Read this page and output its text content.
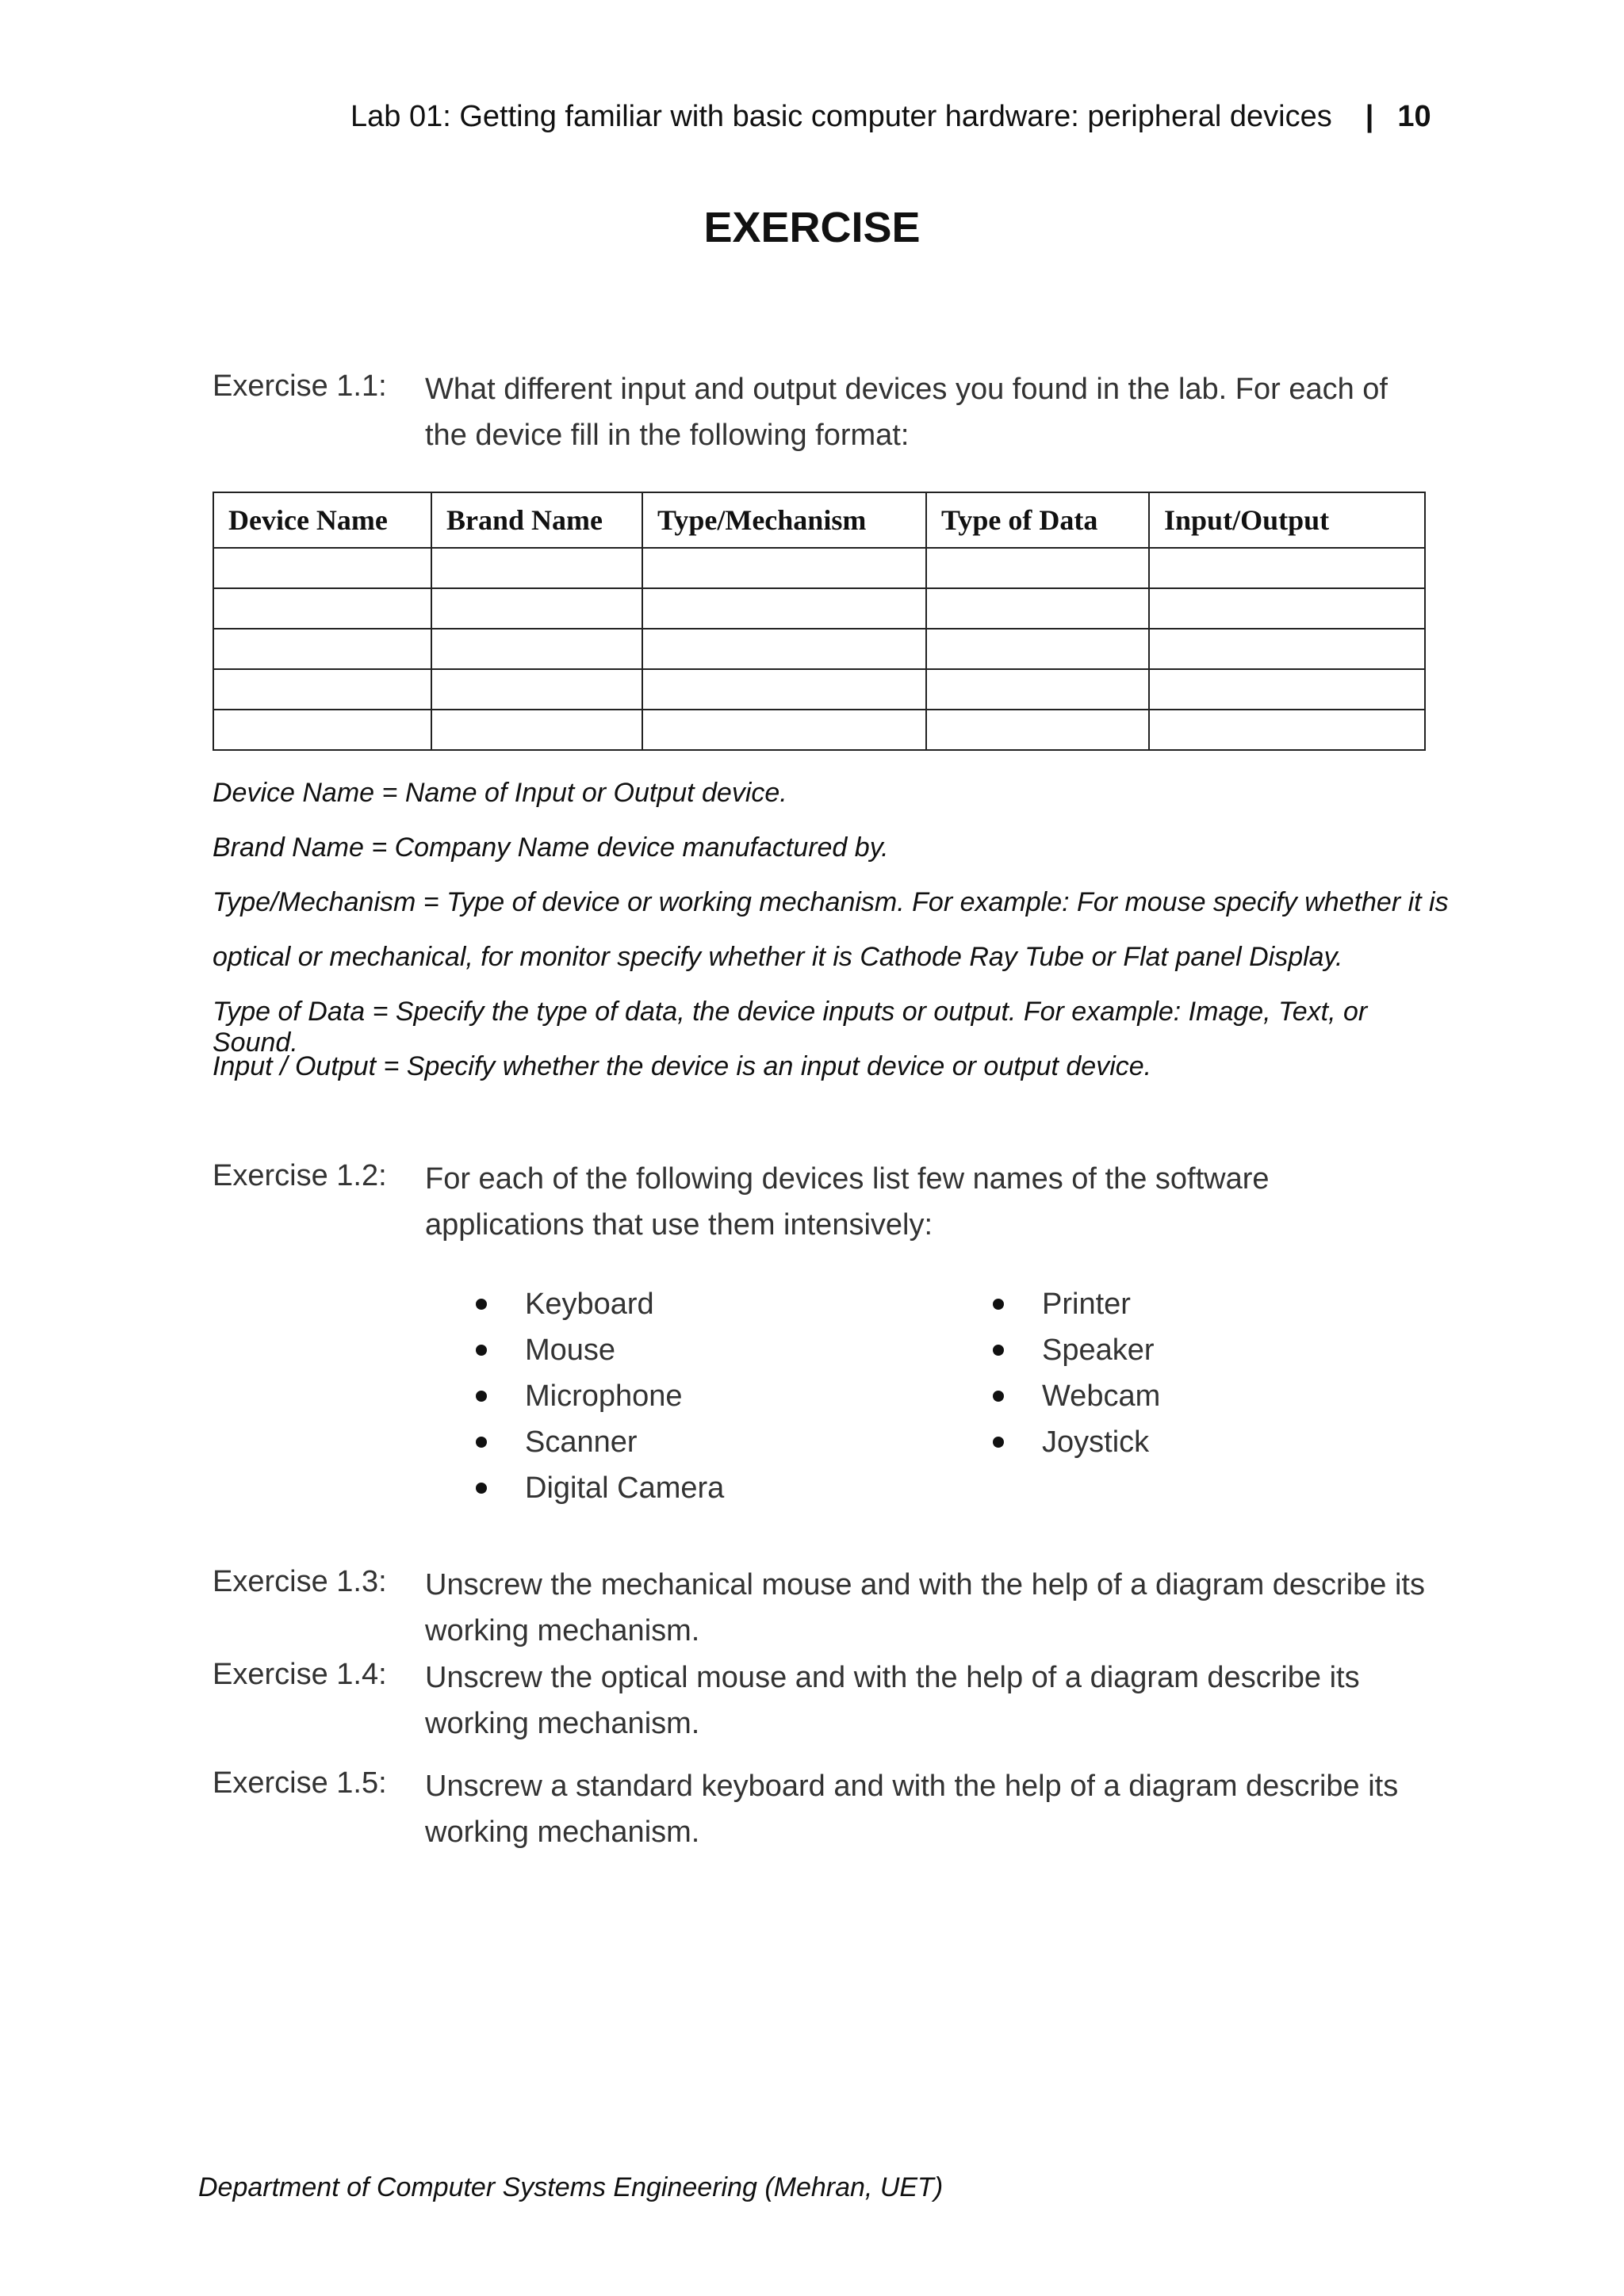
Lab 01: Getting familiar with basic computer hardware: peripheral devices | 10
EXERCISE
Exercise 1.1: What different input and output devices you found in the lab. For each of the device fill in the following format:
Device Name	Brand Name	Type/Mechanism	Type of Data	Input/Output

Device Name = Name of Input or Output device.
Brand Name = Company Name device manufactured by.
Type/Mechanism = Type of device or working mechanism. For example: For mouse specify whether it is
optical or mechanical, for monitor specify whether it is Cathode Ray Tube or Flat panel Display.
Type of Data = Specify the type of data, the device inputs or output. For example: Image, Text, or Sound.
Input / Output = Specify whether the device is an input device or output device.
Exercise 1.2: For each of the following devices list few names of the software applications that use them intensively:
Keyboard
Mouse
Microphone
Scanner
Digital Camera
Printer
Speaker
Webcam
Joystick
Exercise 1.3: Unscrew the mechanical mouse and with the help of a diagram describe its working mechanism.
Exercise 1.4: Unscrew the optical mouse and with the help of a diagram describe its working mechanism.
Exercise 1.5: Unscrew a standard keyboard and with the help of a diagram describe its working mechanism.
Department of Computer Systems Engineering (Mehran, UET)
